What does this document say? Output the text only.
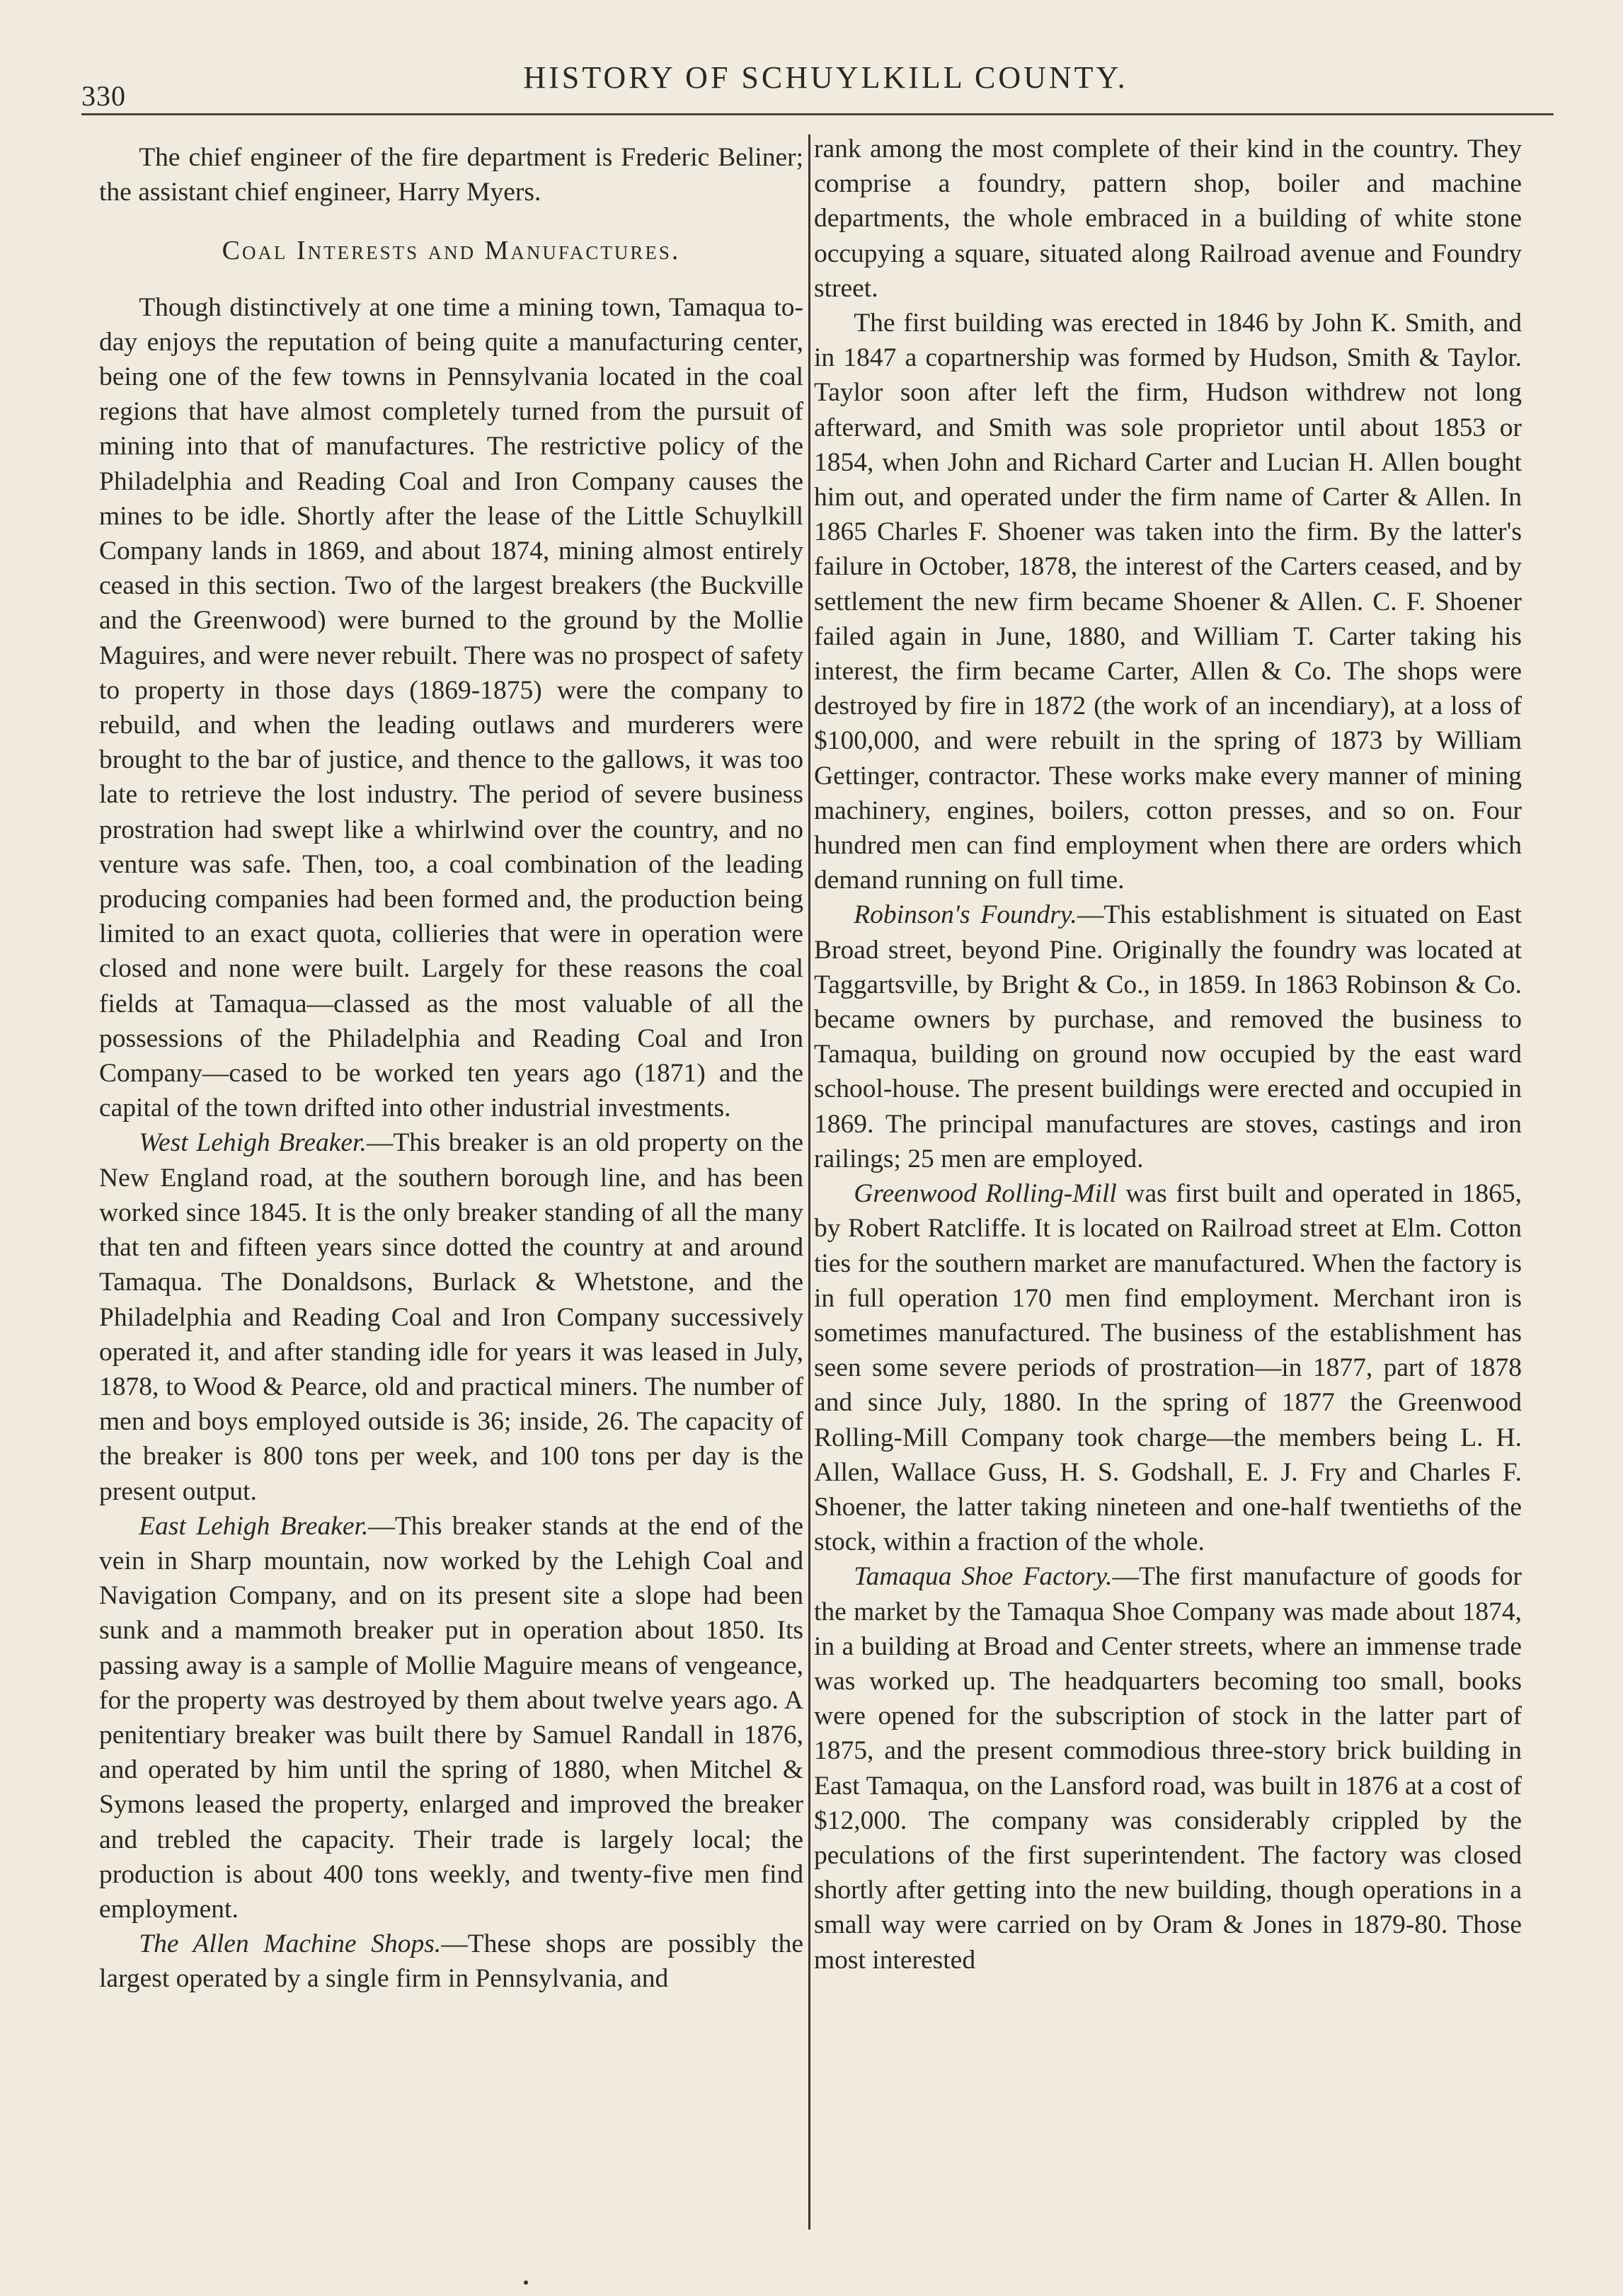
330
HISTORY OF SCHUYLKILL COUNTY.

The chief engineer of the fire department is Frederic Beliner; the assistant chief engineer, Harry Myers.

Coal Interests and Manufactures.

Though distinctively at one time a mining town, Tamaqua to-day enjoys the reputation of being quite a manufacturing center, being one of the few towns in Pennsylvania located in the coal regions that have almost completely turned from the pursuit of mining into that of manufactures. The restrictive policy of the Philadelphia and Reading Coal and Iron Company causes the mines to be idle. Shortly after the lease of the Little Schuylkill Company lands in 1869, and about 1874, mining almost entirely ceased in this section. Two of the largest breakers (the Buckville and the Greenwood) were burned to the ground by the Mollie Maguires, and were never rebuilt. There was no prospect of safety to property in those days (1869-1875) were the company to rebuild, and when the leading outlaws and murderers were brought to the bar of justice, and thence to the gallows, it was too late to retrieve the lost industry. The period of severe business prostration had swept like a whirlwind over the country, and no venture was safe. Then, too, a coal combination of the leading producing companies had been formed and, the production being limited to an exact quota, collieries that were in operation were closed and none were built. Largely for these reasons the coal fields at Tamaqua—classed as the most valuable of all the possessions of the Philadelphia and Reading Coal and Iron Company—cased to be worked ten years ago (1871) and the capital of the town drifted into other industrial investments.

West Lehigh Breaker.—This breaker is an old property on the New England road, at the southern borough line, and has been worked since 1845. It is the only breaker standing of all the many that ten and fifteen years since dotted the country at and around Tamaqua. The Donaldsons, Burlack & Whetstone, and the Philadelphia and Reading Coal and Iron Company successively operated it, and after standing idle for years it was leased in July, 1878, to Wood & Pearce, old and practical miners. The number of men and boys employed outside is 36; inside, 26. The capacity of the breaker is 800 tons per week, and 100 tons per day is the present output.

East Lehigh Breaker.—This breaker stands at the end of the vein in Sharp mountain, now worked by the Lehigh Coal and Navigation Company, and on its present site a slope had been sunk and a mammoth breaker put in operation about 1850. Its passing away is a sample of Mollie Maguire means of vengeance, for the property was destroyed by them about twelve years ago. A penitentiary breaker was built there by Samuel Randall in 1876, and operated by him until the spring of 1880, when Mitchel & Symons leased the property, enlarged and improved the breaker and trebled the capacity. Their trade is largely local; the production is about 400 tons weekly, and twenty-five men find employment.

The Allen Machine Shops.—These shops are possibly the largest operated by a single firm in Pennsylvania, and

rank among the most complete of their kind in the country. They comprise a foundry, pattern shop, boiler and machine departments, the whole embraced in a building of white stone occupying a square, situated along Railroad avenue and Foundry street.

The first building was erected in 1846 by John K. Smith, and in 1847 a copartnership was formed by Hudson, Smith & Taylor. Taylor soon after left the firm, Hudson withdrew not long afterward, and Smith was sole proprietor until about 1853 or 1854, when John and Richard Carter and Lucian H. Allen bought him out, and operated under the firm name of Carter & Allen. In 1865 Charles F. Shoener was taken into the firm. By the latter's failure in October, 1878, the interest of the Carters ceased, and by settlement the new firm became Shoener & Allen. C. F. Shoener failed again in June, 1880, and William T. Carter taking his interest, the firm became Carter, Allen & Co. The shops were destroyed by fire in 1872 (the work of an incendiary), at a loss of $100,000, and were rebuilt in the spring of 1873 by William Gettinger, contractor. These works make every manner of mining machinery, engines, boilers, cotton presses, and so on. Four hundred men can find employment when there are orders which demand running on full time.

Robinson's Foundry.—This establishment is situated on East Broad street, beyond Pine. Originally the foundry was located at Taggartsville, by Bright & Co., in 1859. In 1863 Robinson & Co. became owners by purchase, and removed the business to Tamaqua, building on ground now occupied by the east ward school-house. The present buildings were erected and occupied in 1869. The principal manufactures are stoves, castings and iron railings; 25 men are employed.

Greenwood Rolling-Mill was first built and operated in 1865, by Robert Ratcliffe. It is located on Railroad street at Elm. Cotton ties for the southern market are manufactured. When the factory is in full operation 170 men find employment. Merchant iron is sometimes manufactured. The business of the establishment has seen some severe periods of prostration—in 1877, part of 1878 and since July, 1880. In the spring of 1877 the Greenwood Rolling-Mill Company took charge—the members being L. H. Allen, Wallace Guss, H. S. Godshall, E. J. Fry and Charles F. Shoener, the latter taking nineteen and one-half twentieths of the stock, within a fraction of the whole.

Tamaqua Shoe Factory.—The first manufacture of goods for the market by the Tamaqua Shoe Company was made about 1874, in a building at Broad and Center streets, where an immense trade was worked up. The headquarters becoming too small, books were opened for the subscription of stock in the latter part of 1875, and the present commodious three-story brick building in East Tamaqua, on the Lansford road, was built in 1876 at a cost of $12,000. The company was considerably crippled by the peculations of the first superintendent. The factory was closed shortly after getting into the new building, though operations in a small way were carried on by Oram & Jones in 1879-80. Those most interested
